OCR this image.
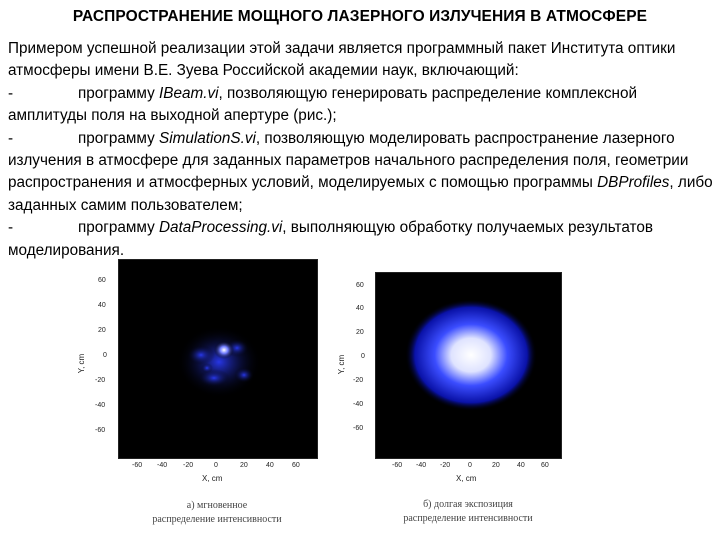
РАСПРОСТРАНЕНИЕ МОЩНОГО ЛАЗЕРНОГО ИЗЛУЧЕНИЯ В АТМОСФЕРЕ

Примером успешной реализации этой задачи является программный пакет Института оптики атмосферы имени В.Е. Зуева Российской академии наук, включающий:

-	программу IBeam.vi, позволяющую генерировать распределение комплексной амплитуды поля на выходной апертуре (рис.);

-	программу SimulationS.vi, позволяющую моделировать распространение лазерного излучения в атмосфере для заданных параметров начального распределения поля, геометрии распространения и атмосферных условий, моделируемых с помощью программы DBProfiles, либо заданных самим пользователем;

-	программу DataProcessing.vi, выполняющую обработку получаемых результатов моделирования.

60
40
20
0
-20
-40
-60
Y, cm
-60 -40 -20	0	20	40	60
X, cm
а) мгновенное
распределение интенсивности
60
40
20
0
-20
-40
-60
Y, cm
-60 -40 -20	0	20 40 60
X, cm
б) долгая экспозиция
распределение интенсивности
